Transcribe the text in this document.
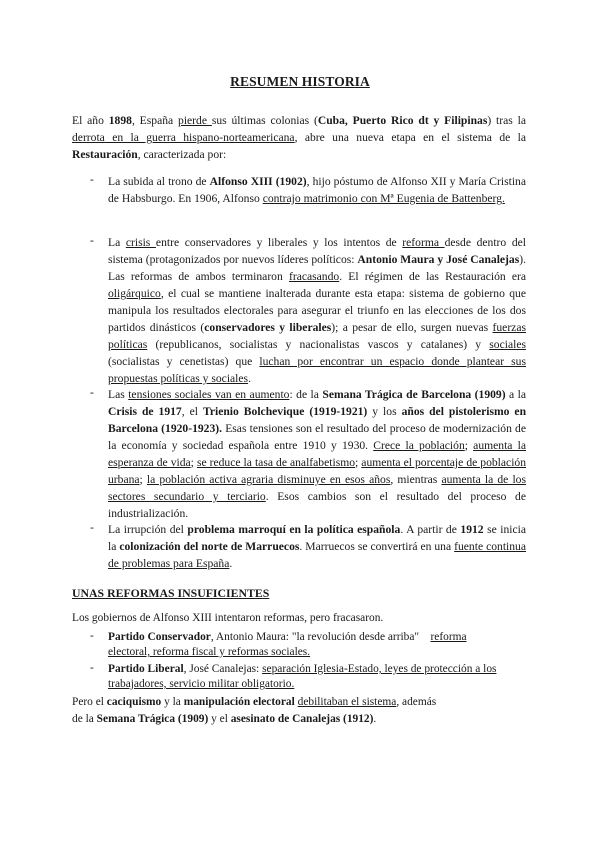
RESUMEN HISTORIA
El año 1898, España pierde sus últimas colonias (Cuba, Puerto Rico dt y Filipinas) tras la derrota en la guerra hispano-norteamericana, abre una nueva etapa en el sistema de la Restauración, caracterizada por:
- La subida al trono de Alfonso XIII (1902), hijo póstumo de Alfonso XII y María Cristina de Habsburgo. En 1906, Alfonso contrajo matrimonio con Mª Eugenia de Battenberg.
- La crisis entre conservadores y liberales y los intentos de reforma desde dentro del sistema (protagonizados por nuevos líderes políticos: Antonio Maura y José Canalejas). Las reformas de ambos terminaron fracasando. El régimen de las Restauración era oligárquico, el cual se mantiene inalterada durante esta etapa: sistema de gobierno que manipula los resultados electorales para asegurar el triunfo en las elecciones de los dos partidos dinásticos (conservadores y liberales); a pesar de ello, surgen nuevas fuerzas políticas (republicanos, socialistas y nacionalistas vascos y catalanes) y sociales (socialistas y cenetistas) que luchan por encontrar un espacio donde plantear sus propuestas políticas y sociales.
- Las tensiones sociales van en aumento: de la Semana Trágica de Barcelona (1909) a la Crisis de 1917, el Trienio Bolchevique (1919-1921) y los años del pistolerismo en Barcelona (1920-1923). Esas tensiones son el resultado del proceso de modernización de la economía y sociedad española entre 1910 y 1930. Crece la población; aumenta la esperanza de vida; se reduce la tasa de analfabetismo; aumenta el porcentaje de población urbana; la población activa agraria disminuye en esos años, mientras aumenta la de los sectores secundario y terciario. Esos cambios son el resultado del proceso de industrialización.
- La irrupción del problema marroquí en la política española. A partir de 1912 se inicia la colonización del norte de Marruecos. Marruecos se convertirá en una fuente continua de problemas para España.
UNAS REFORMAS INSUFICIENTES
Los gobiernos de Alfonso XIII intentaron reformas, pero fracasaron.
- Partido Conservador, Antonio Maura: "la revolución desde arriba"    reforma
electoral, reforma fiscal y reformas sociales.
- Partido Liberal, José Canalejas: separación Iglesia-Estado, leyes de protección a los
trabajadores, servicio militar obligatorio.
Pero el caciquismo y la manipulación electoral debilitaban el sistema, además
de la Semana Trágica (1909) y el asesinato de Canalejas (1912).
